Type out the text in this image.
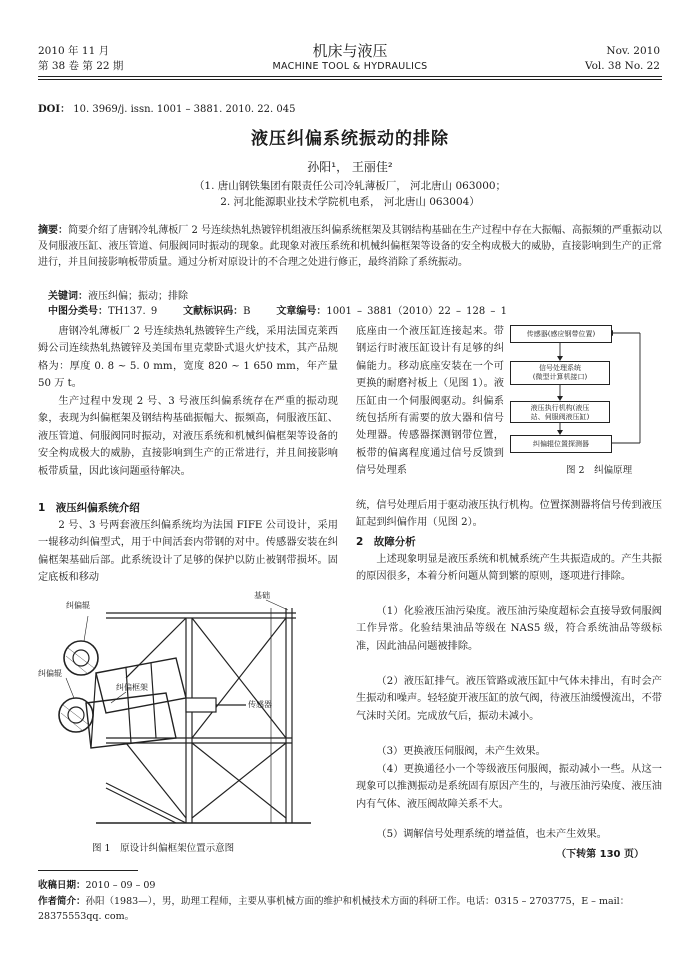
2010 年 11 月
第 38 卷 第 22 期
机床与液压
MACHINE TOOL & HYDRAULICS
Nov. 2010
Vol. 38 No. 22
DOI： 10. 3969/j. issn. 1001 – 3881. 2010. 22. 045
液压纠偏系统振动的排除
孙阳¹， 王丽佳²
（1. 唐山钢铁集团有限责任公司冷轧薄板厂， 河北唐山 063000；
2. 河北能源职业技术学院机电系， 河北唐山 063004）
摘要：简要介绍了唐钢冷轧薄板厂 2 号连续热轧热镀锌机组液压纠偏系统框架及其钢结构基础在生产过程中存在大振幅、高振频的严重振动以及伺服液压缸、液压管道、伺服阀同时振动的现象。此现象对液压系统和机械纠偏框架等设备的安全构成极大的威胁，直接影响到生产的正常进行，并且间接影响板带质量。通过分析对原设计的不合理之处进行修正，最终消除了系统振动。
关键词：液压纠偏；振动；排除
中图分类号：TH137. 9	文献标识码：B	文章编号：1001 – 3881（2010）22 – 128 – 1
唐钢冷轧薄板厂 2 号连续热轧热镀锌生产线，采用法国克莱西姆公司连续热轧热镀锌及美国布里克蒙卧式退火炉技术，其产品规格为：厚度 0. 8 ~ 5. 0 mm，宽度 820 ~ 1 650 mm，年产量 50 万 t。
生产过程中发现 2 号、3 号液压纠偏系统存在严重的振动现象，表现为纠偏框架及钢结构基础振幅大、振频高，伺服液压缸、液压管道、伺服阀同时振动，对液压系统和机械纠偏框架等设备的安全构成极大的威胁，直接影响到生产的正常进行，并且间接影响板带质量，因此该问题亟待解决。
1　液压纠偏系统介绍
2 号、3 号两套液压纠偏系统均为法国 FIFE 公司设计，采用一辊移动纠偏型式，用于中间活套内带钢的对中。传感器安装在纠偏框架基础后部。此系统设计了足够的保护以防止被钢带损坏。固定底板和移动
纠偏辊
基础
纠偏辊
纠偏框架
传感器
图 1　原设计纠偏框架位置示意图
底座由一个液压缸连接起来。带钢运行时液压缸设计有足够的纠偏能力。移动底座安装在一个可更换的耐磨衬板上（见图 1）。液压缸由一个伺服阀驱动。纠偏系统包括所有需要的放大器和信号处理器。传感器探测钢带位置，板带的偏离程度通过信号反馈到信号处理系
传感器(感应钢带位置)
信号处理系统
(微型计算机接口)
液压执行机构(液压
站、伺服阀液压缸)
纠偏辊位置探测器
图 2　纠偏原理
统，信号处理后用于驱动液压执行机构。位置探测器将信号传到液压缸起到纠偏作用（见图 2）。
2　故障分析
上述现象明显是液压系统和机械系统产生共振造成的。产生共振的原因很多，本着分析问题从简到繁的原则，逐项进行排除。
（1）化验液压油污染度。液压油污染度超标会直接导致伺服阀工作异常。化验结果油品等级在 NAS5 级，符合系统油品等级标准，因此油品问题被排除。
（2）液压缸排气。液压管路或液压缸中气体未排出，有时会产生振动和噪声。轻轻旋开液压缸的放气阀，待液压油缓慢流出，不带气沫时关闭。完成放气后，振动未减小。
（3）更换液压伺服阀，未产生效果。
（4）更换通径小一个等级液压伺服阀，振动减小一些。从这一现象可以推测振动是系统固有原因产生的，与液压油污染度、液压油内有气体、液压阀故障关系不大。
（5）调解信号处理系统的增益值，也未产生效果。
（下转第 130 页）
收稿日期：2010 – 09 – 09
作者简介：孙阳（1983—），男，助理工程师，主要从事机械方面的维护和机械技术方面的科研工作。电话：0315 – 2703775，E – mail：28375553qq. com。
